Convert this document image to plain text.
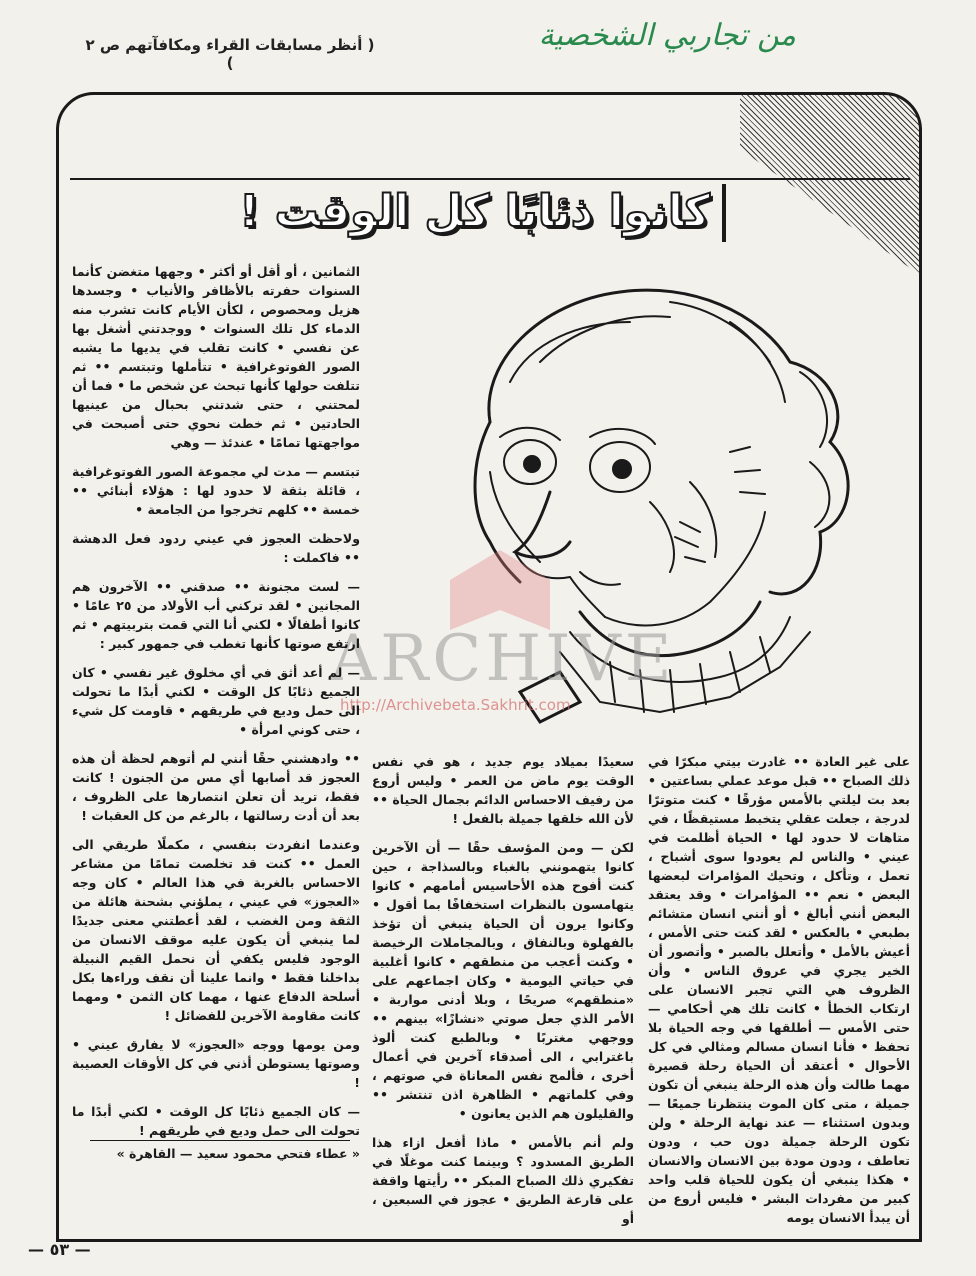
( أنظر مسابقات القراء ومكافآتهم ص ٢ )
من تجاربي الشخصية
كانوا ذئابًا كل الوقت !
ARCHIVE
http://Archivebeta.Sakhrit.com

الثمانين ، أو أقل أو أكثر • وجهها متغضن كأنما السنوات حفرته بالأظافر والأنياب • وجسدها هزيل ومحصوص ، لكأن الأيام كانت تشرب منه الدماء كل تلك السنوات • ووجدتني أشغل بها عن نفسي • كانت تقلب في يديها ما يشبه الصور الفوتوغرافية • تتأملها وتبتسم •• ثم تتلفت حولها كأنها تبحث عن شخص ما • فما أن لمحتني ، حتى شدتني بحبال من عينيها الحادتين • ثم خطت نحوي حتى أصبحت في مواجهتها تمامًا • عندئذ — وهي

تبتسم — مدت لي مجموعة الصور الفوتوغرافية ، قائلة بثقة لا حدود لها : هؤلاء أبنائي •• خمسة •• كلهم تخرجوا من الجامعة •

ولاحظت العجوز في عيني ردود فعل الدهشة •• فاكملت :

— لست مجنونة •• صدقني •• الآخرون هم المجانين • لقد تركني أب الأولاد من ٢٥ عامًا • كانوا أطفالًا • لكني أنا التي قمت بتربيتهم • ثم ارتفع صوتها كأنها تغطب في جمهور كبير :

— لم أعد أثق في أي مخلوق غير نفسي • كان الجميع ذئابًا كل الوقت • لكني أبدًا ما تحولت الى حمل وديع في طريقهم • قاومت كل شيء ، حتى كوني امرأة •

•• وادهشني حقًا أنني لم أتوهم لحظة أن هذه العجوز قد أصابها أي مس من الجنون ! كانت فقط، تريد أن تعلن انتصارها على الظروف ، بعد أن أدت رسالتها ، بالرغم من كل العقبات !

وعندما انفردت بنفسي ، مكملًا طريقي الى العمل •• كنت قد تخلصت تمامًا من مشاعر الاحساس بالغربة في هذا العالم • كان وجه «العجوز» في عيني ، يملؤني بشحنة هائلة من الثقة ومن الغضب ، لقد أعطتني معنى جديدًا لما ينبغي أن يكون عليه موقف الانسان من الوجود فليس يكفي أن نحمل القيم النبيلة بداخلنا فقط • وانما علينا أن نقف وراءها بكل أسلحة الدفاع عنها ، مهما كان الثمن • ومهما كانت مقاومة الآخرين للفضائل !

ومن يومها ووجه «العجوز» لا يفارق عيني • وصوتها يستوطن أذني في كل الأوقات العصيبة !

— كان الجميع ذئابًا كل الوقت • لكني أبدًا ما تحولت الى حمل وديع في طريقهم !

سعيدًا بميلاد يوم جديد ، هو في نفس الوقت يوم ماض من العمر • وليس أروع من رفيف الاحساس الدائم بجمال الحياة •• لأن الله خلقها جميلة بالفعل !

لكن — ومن المؤسف حقًا — أن الآخرين كانوا يتهمونني بالغباء وبالسذاجة ، حين كنت أفوح هذه الأحاسيس أمامهم • كانوا يتهامسون بالنظرات استخفافًا بما أقول • وكانوا يرون أن الحياة ينبغي أن تؤخذ بالفهلوة وبالنفاق ، وبالمجاملات الرخيصة • وكنت أعجب من منطقهم • كانوا أغلبية في حياتي اليومية • وكان اجماعهم على «منطقهم» صريحًا ، وبلا أدنى مواربة • الأمر الذي جعل صوتي «نشازًا» بينهم •• ووجهي مغتربًا • وبالطبع كنت ألوذ باغترابي ، الى أصدقاء آخرين في أعمال أخرى ، فألمح نفس المعاناة في صوتهم ، وفي كلماتهم • الظاهرة اذن تنتشر •• والقليلون هم الذين يعانون •

ولم أنم بالأمس • ماذا أفعل ازاء هذا الطريق المسدود ؟ وبينما كنت موغلًا في تفكيري ذلك الصباح المبكر •• رأيتها واقفة على قارعة الطريق • عجوز في السبعين ، أو

على غير العادة •• غادرت بيتي مبكرًا في ذلك الصباح •• قبل موعد عملي بساعتين • بعد بت ليلتي بالأمس مؤرقًا • كنت متوترًا لدرجة ، جعلت عقلي يتخبط مستيقظًا ، في متاهات لا حدود لها • الحياة أظلمت في عيني • والناس لم يعودوا سوى أشباح ، تعمل ، وتأكل ، وتحيك المؤامرات لبعضها البعض • نعم •• المؤامرات • وقد يعتقد البعض أنني أبالغ • أو أنني انسان متشائم بطبعي • بالعكس • لقد كنت حتى الأمس ، أعيش بالأمل • وأتعلل بالصبر • وأتصور أن الخير يجري في عروق الناس • وأن الظروف هي التي تجبر الانسان على ارتكاب الخطأ • كانت تلك هي أحكامي — حتى الأمس — أطلقها في وجه الحياة بلا تحفظ • فأنا انسان مسالم ومثالي في كل الأحوال • أعتقد أن الحياة رحلة قصيرة مهما طالت وأن هذه الرحلة ينبغي أن تكون جميلة ، متى كان الموت ينتظرنا جميعًا — وبدون استثناء — عند نهاية الرحلة • ولن تكون الرحلة جميلة دون حب ، ودون تعاطف ، ودون مودة بين الانسان والانسان • هكذا ينبغي أن يكون للحياة قلب واحد كبير من مفردات البشر • فليس أروع من أن يبدأ الانسان يومه

« عطاء فتحي محمود سعيد — القاهرة »
— ٥٣ —
